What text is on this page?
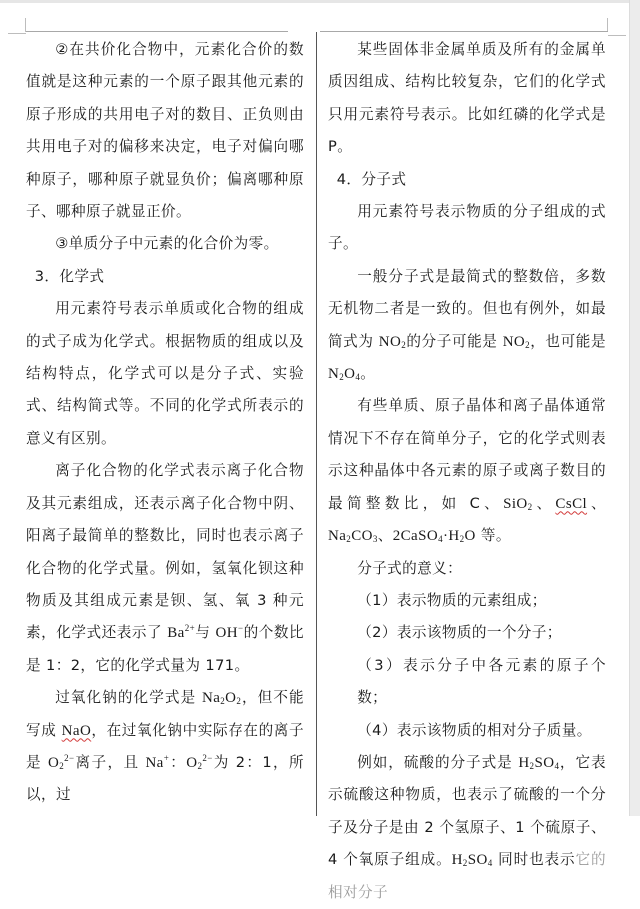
②在共价化合物中，元素化合价的数值就是这种元素的一个原子跟其他元素的原子形成的共用电子对的数目、正负则由共用电子对的偏移来决定，电子对偏向哪种原子，哪种原子就显负价；偏离哪种原子、哪种原子就显正价。

③单质分子中元素的化合价为零。

3．化学式

用元素符号表示单质或化合物的组成的式子成为化学式。根据物质的组成以及结构特点，化学式可以是分子式、实验式、结构简式等。不同的化学式所表示的意义有区别。

离子化合物的化学式表示离子化合物及其元素组成，还表示离子化合物中阴、阳离子最简单的整数比，同时也表示离子化合物的化学式量。例如，氢氧化钡这种物质及其组成元素是钡、氢、氧 3 种元素，化学式还表示了 $Ba^{2+}$与 OH−的个数比是 1：2，它的化学式量为 171。

过氧化钠的化学式是 $Na_2O_2$，但不能写成 NaO，在过氧化钠中实际存在的离子是 $O_2^{2-}$离子，且 Na+：$O_2^{2-}$为 2：1，所以，过

某些固体非金属单质及所有的金属单质因组成、结构比较复杂，它们的化学式只用元素符号表示。比如红磷的化学式是 P。

4．分子式

用元素符号表示物质的分子组成的式子。

一般分子式是最简式的整数倍，多数无机物二者是一致的。但也有例外，如最简式为 $NO_2$的分子可能是 $NO_2$，也可能是 $N_2O_4$。

有些单质、原子晶体和离子晶体通常情况下不存在简单分子，它的化学式则表示这种晶体中各元素的原子或离子数目的最简整数比，如 C、SiO$_2$、CsCl、$Na_2CO_3$、$2CaSO_4\cdot H_2O$ 等。

分子式的意义：

（1）表示物质的元素组成；

（2）表示该物质的一个分子；

（3）表示分子中各元素的原子个数；

（4）表示该物质的相对分子质量。

例如，硫酸的分子式是 $H_2SO_4$，它表示硫酸这种物质，也表示了硫酸的一个分子及分子是由 2 个氢原子、1 个硫原子、4 个氧原子组成。$H_2SO_4$ 同时也表示它的相对分子
